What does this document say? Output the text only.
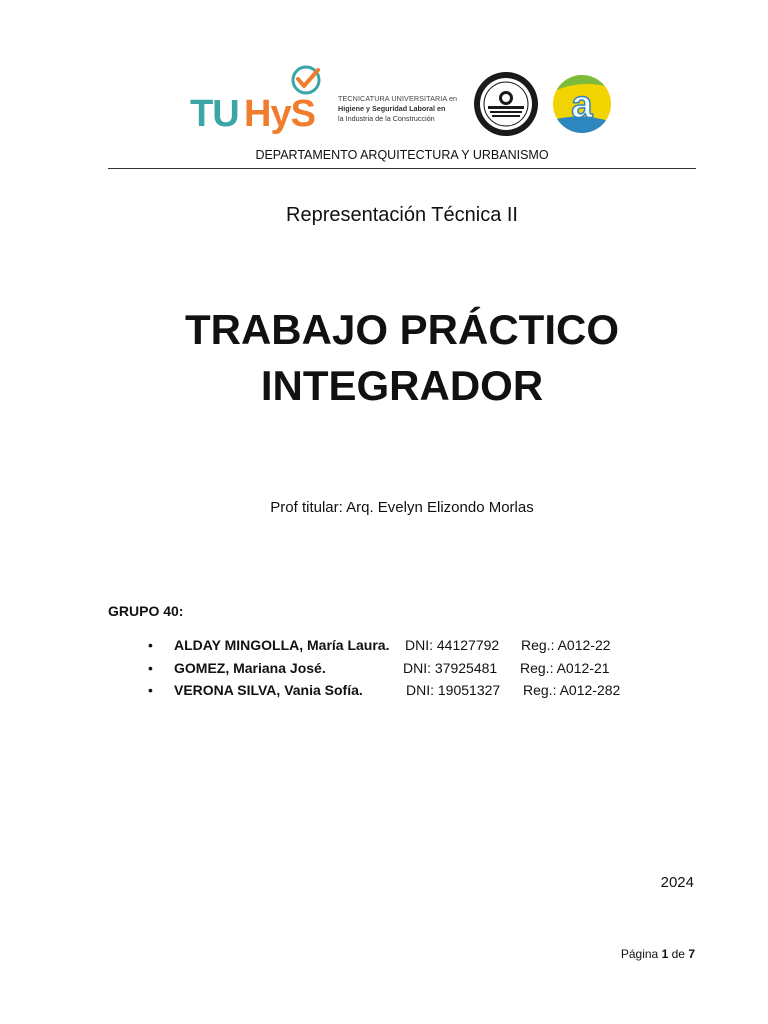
TU HyS	TECNICATURA UNIVERSITARIA en
Higiene y Seguridad Laboral en
la Industria de la Construcción	a
DEPARTAMENTO ARQUITECTURA Y URBANISMO
Representación Técnica II
TRABAJO PRÁCTICO
INTEGRADOR
Prof titular: Arq. Evelyn Elizondo Morlas
GRUPO 40:
•	ALDAY MINGOLLA, María Laura. DNI: 44127792 Reg.: A012-22
•	GOMEZ, Mariana José.	DNI: 37925481 Reg.: A012-21
•	VERONA SILVA, Vania Sofía.	DNI: 19051327 Reg.: A012-282
2024
Página 1 de 7
